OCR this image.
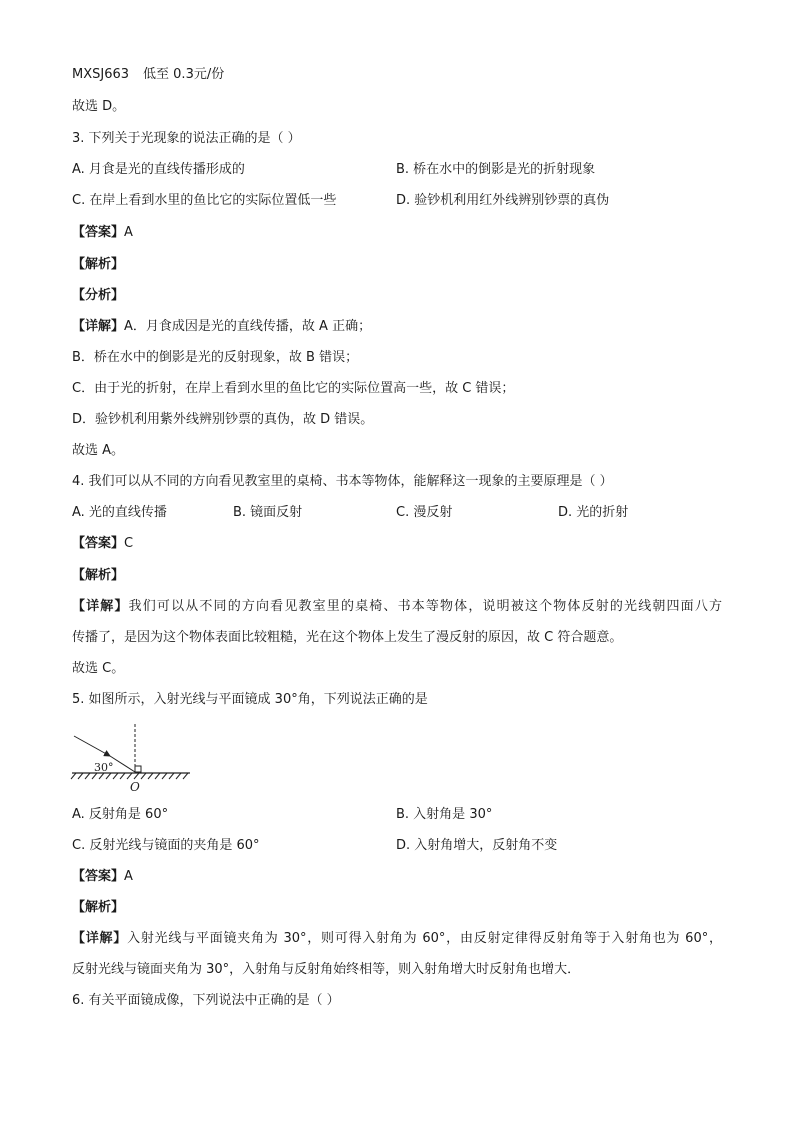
MXSJ663 低至 0.3元/份
故选 D。
3. 下列关于光现象的说法正确的是（ ）
A. 月食是光的直线传播形成的	B. 桥在水中的倒影是光的折射现象
C. 在岸上看到水里的鱼比它的实际位置低一些	D. 验钞机利用红外线辨别钞票的真伪
【答案】A
【解析】
【分析】
【详解】A．月食成因是光的直线传播，故 A 正确；
B．桥在水中的倒影是光的反射现象，故 B 错误；
C．由于光的折射，在岸上看到水里的鱼比它的实际位置高一些，故 C 错误；
D．验钞机利用紫外线辨别钞票的真伪，故 D 错误。
故选 A。
4. 我们可以从不同的方向看见教室里的桌椅、书本等物体，能解释这一现象的主要原理是（ ）
A. 光的直线传播	B. 镜面反射	C. 漫反射	D. 光的折射
【答案】C
【解析】
【详解】我们可以从不同的方向看见教室里的桌椅、书本等物体，说明被这个物体反射的光线朝四面八方
传播了，是因为这个物体表面比较粗糙，光在这个物体上发生了漫反射的原因，故 C 符合题意。
故选 C。
5. 如图所示，入射光线与平面镜成 30°角，下列说法正确的是
30°
O
A. 反射角是 60°	B. 入射角是 30°
C. 反射光线与镜面的夹角是 60°	D. 入射角增大，反射角不变
【答案】A
【解析】
【详解】入射光线与平面镜夹角为 30°，则可得入射角为 60°，由反射定律得反射角等于入射角也为 60°，
反射光线与镜面夹角为 30°，入射角与反射角始终相等，则入射角增大时反射角也增大．
6. 有关平面镜成像，下列说法中正确的是（ ）
